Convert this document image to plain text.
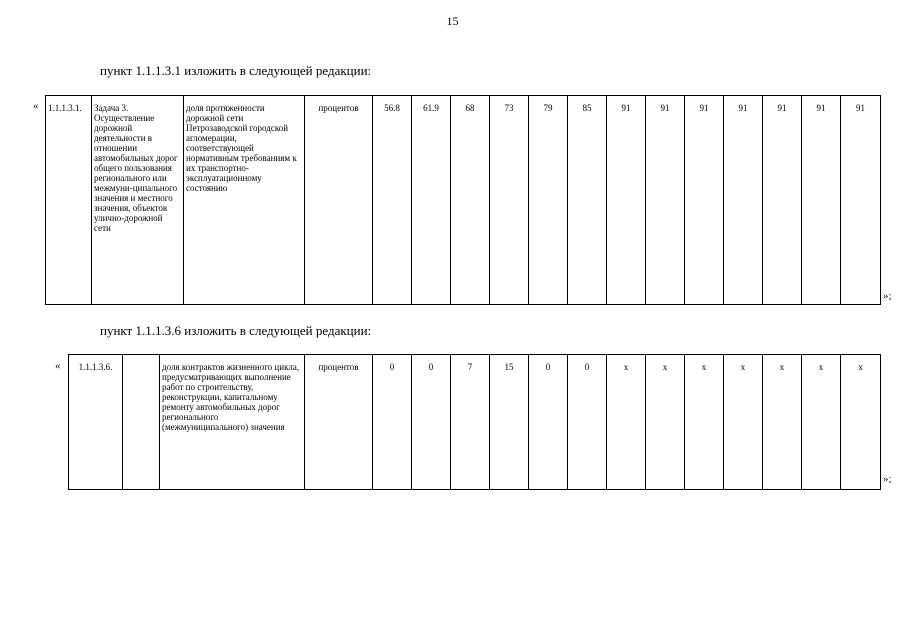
15
пункт 1.1.1.3.1 изложить в следующей редакции:
« 1.1.1.3.1.	Задача 3. Осуществление дорожной деятельности в отношении автомобильных дорог общего пользования регионального или межмуни-ципального значения и местного значения, объектов улично-дорожной сети	доля протяженности дорожной сети Петрозаводской городской агломерации, соответствующей нормативным требованиям к их транспортно-эксплуатационному состоянию	процентов	56.8	61.9	68	73	79	85	91	91	91	91	91	91	91
»;
пункт 1.1.1.3.6 изложить в следующей редакции:
« 1.1.1.3.6.		доля контрактов жизненного цикла, предусматривающих выполнение работ по строительству, реконструкции, капитальному ремонту автомобильных дорог регионального (межмуниципального) значения	процентов	0	0	7	15	0	0	х	х	х	х	х	х	х
»;
